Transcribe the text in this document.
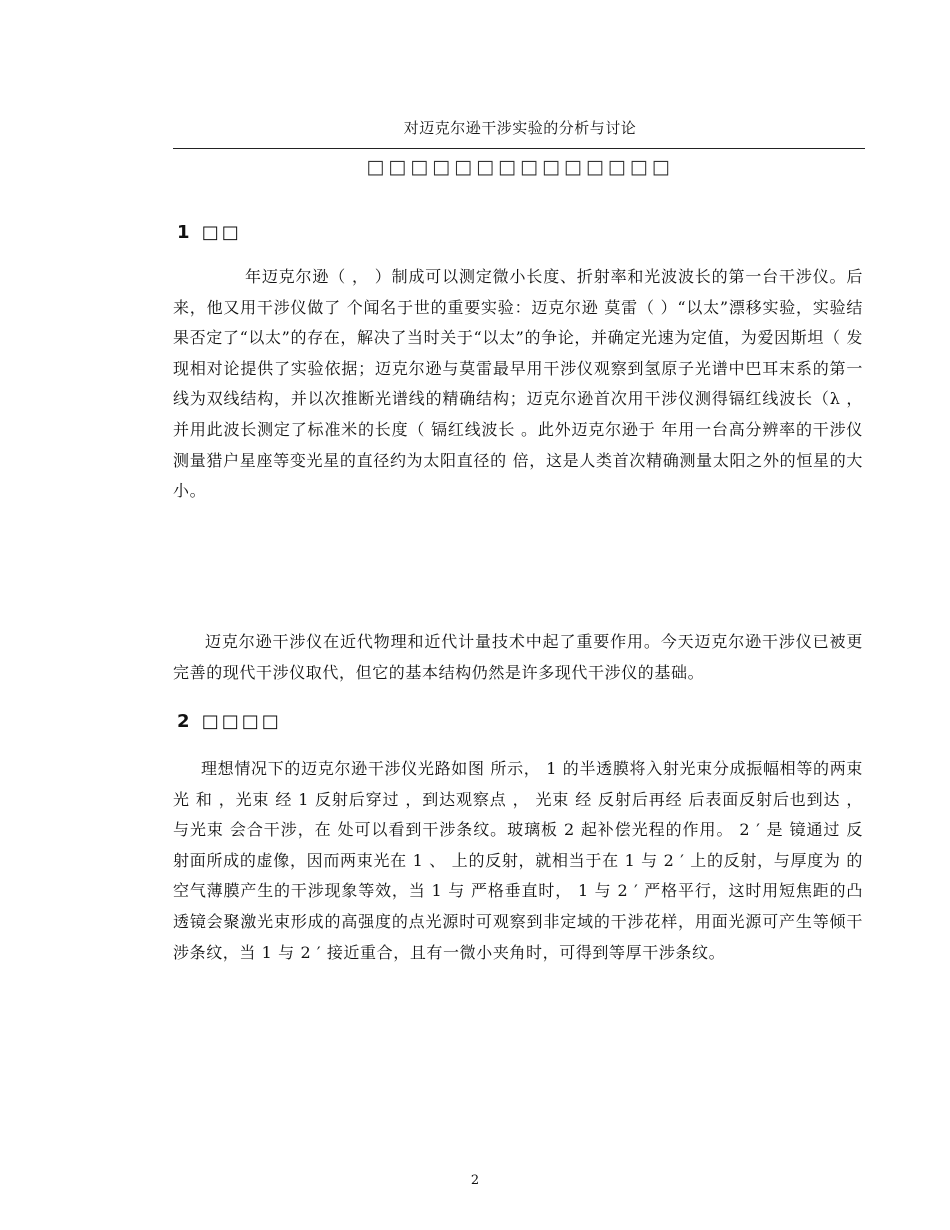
对迈克尔逊干涉实验的分析与讨论
□□□□□□□□□□□□□□
1 □□

年迈克尔逊（ ， ）制成可以测定微小长度、折射率和光波波长的第一台干涉仪。后来，他又用干涉仪做了 个闻名于世的重要实验：迈克尔逊 莫雷（ ）“以太”漂移实验，实验结果否定了“以太”的存在，解决了当时关于“以太”的争论，并确定光速为定值，为爱因斯坦（ 发现相对论提供了实验依据；迈克尔逊与莫雷最早用干涉仪观察到氢原子光谱中巴耳末系的第一线为双线结构，并以次推断光谱线的精确结构；迈克尔逊首次用干涉仪测得镉红线波长（λ ，并用此波长测定了标准米的长度（ 镉红线波长 。此外迈克尔逊于 年用一台高分辨率的干涉仪测量猎户星座等变光星的直径约为太阳直径的 倍，这是人类首次精确测量太阳之外的恒星的大小。

迈克尔逊干涉仪在近代物理和近代计量技术中起了重要作用。今天迈克尔逊干涉仪已被更完善的现代干涉仪取代，但它的基本结构仍然是许多现代干涉仪的基础。

2 □□□□

理想情况下的迈克尔逊干涉仪光路如图 所示， 1 的半透膜将入射光束分成振幅相等的两束光 和 ，光束 经 1 反射后穿过 ，到达观察点 ， 光束 经 反射后再经 后表面反射后也到达 ，与光束 会合干涉，在 处可以看到干涉条纹。玻璃板 2 起补偿光程的作用。 2 ′ 是 镜通过 反射面所成的虚像，因而两束光在 1 、 上的反射，就相当于在 1 与 2 ′ 上的反射，与厚度为 的空气薄膜产生的干涉现象等效，当 1 与 严格垂直时， 1 与 2 ′ 严格平行，这时用短焦距的凸透镜会聚激光束形成的高强度的点光源时可观察到非定域的干涉花样，用面光源可产生等倾干涉条纹，当 1 与 2 ′ 接近重合，且有一微小夹角时，可得到等厚干涉条纹。

2
